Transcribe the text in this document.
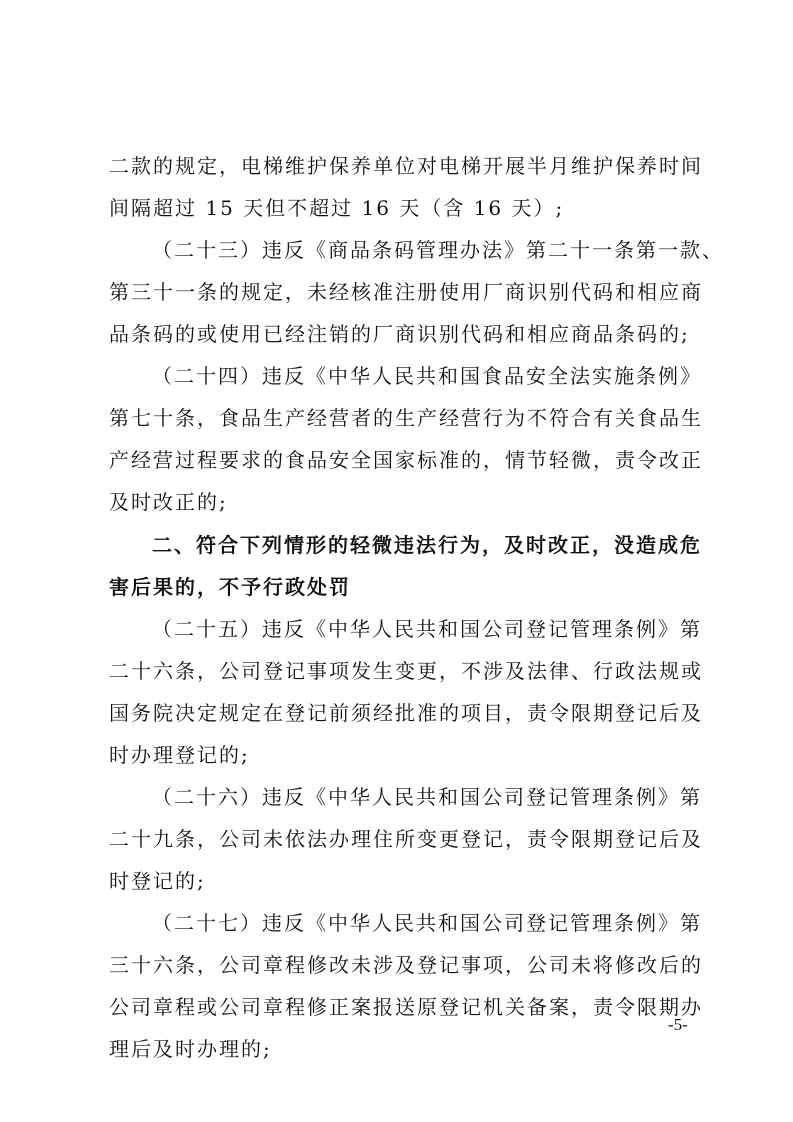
二款的规定，电梯维护保养单位对电梯开展半月维护保养时间
间隔超过 15 天但不超过 16 天（含 16 天）;
（二十三）违反《商品条码管理办法》第二十一条第一款、
第三十一条的规定，未经核准注册使用厂商识别代码和相应商
品条码的或使用已经注销的厂商识别代码和相应商品条码的;
（二十四）违反《中华人民共和国食品安全法实施条例》
第七十条，食品生产经营者的生产经营行为不符合有关食品生
产经营过程要求的食品安全国家标准的，情节轻微，责令改正
及时改正的;
二、符合下列情形的轻微违法行为，及时改正，没造成危
害后果的，不予行政处罚
（二十五）违反《中华人民共和国公司登记管理条例》第
二十六条，公司登记事项发生变更，不涉及法律、行政法规或
国务院决定规定在登记前须经批准的项目，责令限期登记后及
时办理登记的;
（二十六）违反《中华人民共和国公司登记管理条例》第
二十九条，公司未依法办理住所变更登记，责令限期登记后及
时登记的;
（二十七）违反《中华人民共和国公司登记管理条例》第
三十六条，公司章程修改未涉及登记事项，公司未将修改后的
公司章程或公司章程修正案报送原登记机关备案，责令限期办
理后及时办理的;
-5-
